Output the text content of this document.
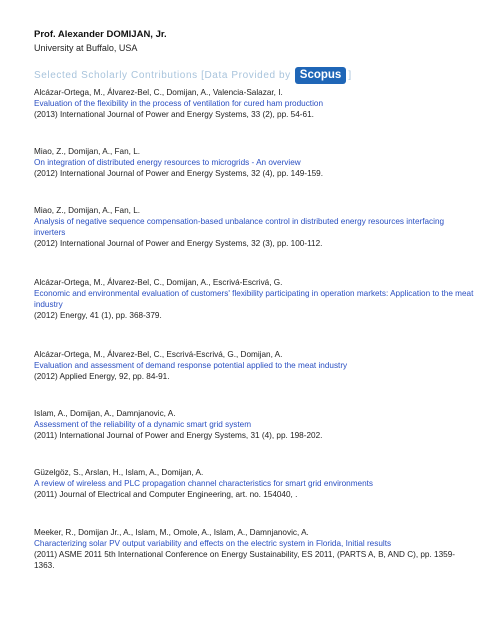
Prof. Alexander DOMIJAN, Jr.
University at Buffalo, USA
Selected Scholarly Contributions [Data Provided by Scopus ]
Alcázar-Ortega, M., Álvarez-Bel, C., Domijan, A., Valencia-Salazar, I.
Evaluation of the flexibility in the process of ventilation for cured ham production
(2013) International Journal of Power and Energy Systems, 33 (2), pp. 54-61.
Miao, Z., Domijan, A., Fan, L.
On integration of distributed energy resources to microgrids - An overview
(2012) International Journal of Power and Energy Systems, 32 (4), pp. 149-159.
Miao, Z., Domijan, A., Fan, L.
Analysis of negative sequence compensation-based unbalance control in distributed energy resources interfacing inverters
(2012) International Journal of Power and Energy Systems, 32 (3), pp. 100-112.
Alcázar-Ortega, M., Álvarez-Bel, C., Domijan, A., Escrivá-Escrivá, G.
Economic and environmental evaluation of customers' flexibility participating in operation markets: Application to the meat industry
(2012) Energy, 41 (1), pp. 368-379.
Alcázar-Ortega, M., Álvarez-Bel, C., Escrivá-Escrivá, G., Domijan, A.
Evaluation and assessment of demand response potential applied to the meat industry
(2012) Applied Energy, 92, pp. 84-91.
Islam, A., Domijan, A., Damnjanovic, A.
Assessment of the reliability of a dynamic smart grid system
(2011) International Journal of Power and Energy Systems, 31 (4), pp. 198-202.
Güzelgöz, S., Arslan, H., Islam, A., Domijan, A.
A review of wireless and PLC propagation channel characteristics for smart grid environments
(2011) Journal of Electrical and Computer Engineering, art. no. 154040, .
Meeker, R., Domijan Jr., A., Islam, M., Omole, A., Islam, A., Damnjanovic, A.
Characterizing solar PV output variability and effects on the electric system in Florida, Initial results
(2011) ASME 2011 5th International Conference on Energy Sustainability, ES 2011, (PARTS A, B, AND C), pp. 1359-1363.
